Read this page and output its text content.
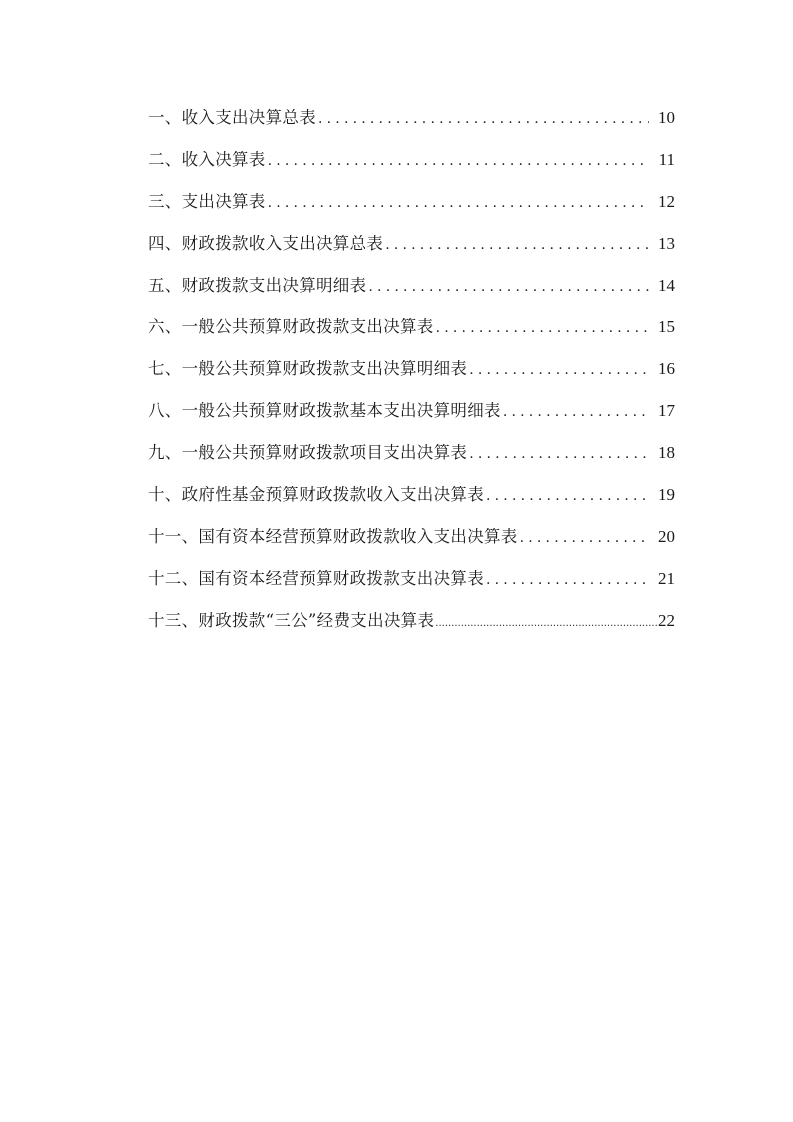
一、收入支出决算总表 .....	10
二、收入决算表 .....	11
三、支出决算表 .....	12
四、财政拨款收入支出决算总表 .....	13
五、财政拨款支出决算明细表 .....	14
六、一般公共预算财政拨款支出决算表 .....	15
七、一般公共预算财政拨款支出决算明细表 .....	16
八、一般公共预算财政拨款基本支出决算明细表 .....	17
九、一般公共预算财政拨款项目支出决算表 .....	18
十、政府性基金预算财政拨款收入支出决算表 .....	19
十一、国有资本经营预算财政拨款收入支出决算表 .....	20
十二、国有资本经营预算财政拨款支出决算表 .....	21
十三、财政拨款“三公”经费支出决算表 .....	22
